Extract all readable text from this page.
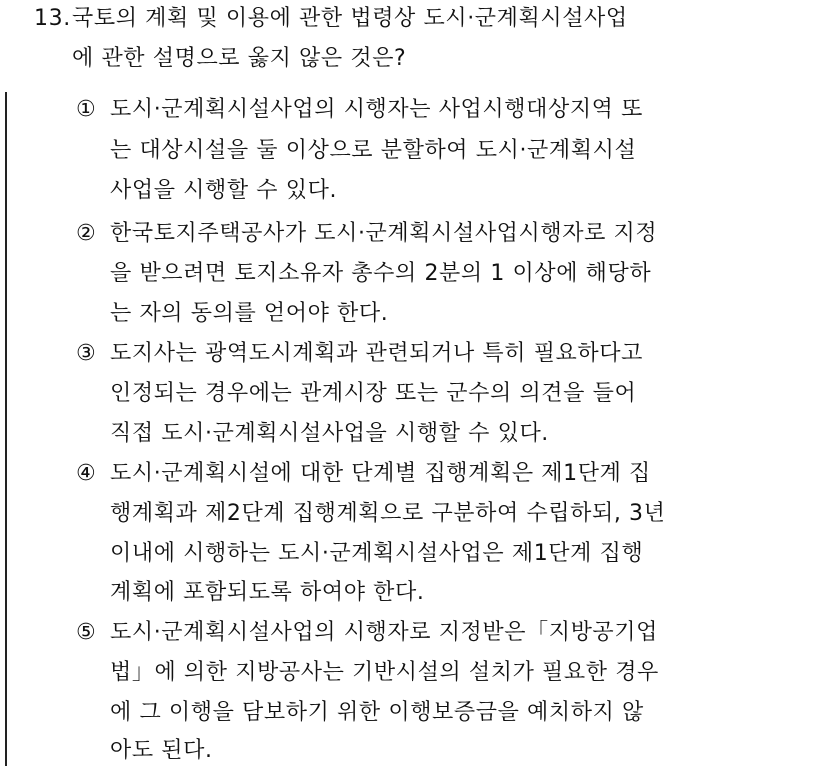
13. 국토의 계획 및 이용에 관한 법령상 도시·군계획시설사업
에 관한 설명으로 옳지 않은 것은?
① 도시·군계획시설사업의 시행자는 사업시행대상지역 또
는 대상시설을 둘 이상으로 분할하여 도시·군계획시설
사업을 시행할 수 있다.
② 한국토지주택공사가 도시·군계획시설사업시행자로 지정
을 받으려면 토지소유자 총수의 2분의 1 이상에 해당하
는 자의 동의를 얻어야 한다.
③ 도지사는 광역도시계획과 관련되거나 특히 필요하다고
인정되는 경우에는 관계시장 또는 군수의 의견을 들어
직접 도시·군계획시설사업을 시행할 수 있다.
④ 도시·군계획시설에 대한 단계별 집행계획은 제1단계 집
행계획과 제2단계 집행계획으로 구분하여 수립하되, 3년
이내에 시행하는 도시·군계획시설사업은 제1단계 집행
계획에 포함되도록 하여야 한다.
⑤ 도시·군계획시설사업의 시행자로 지정받은「지방공기업
법」에 의한 지방공사는 기반시설의 설치가 필요한 경우
에 그 이행을 담보하기 위한 이행보증금을 예치하지 않
아도 된다.
